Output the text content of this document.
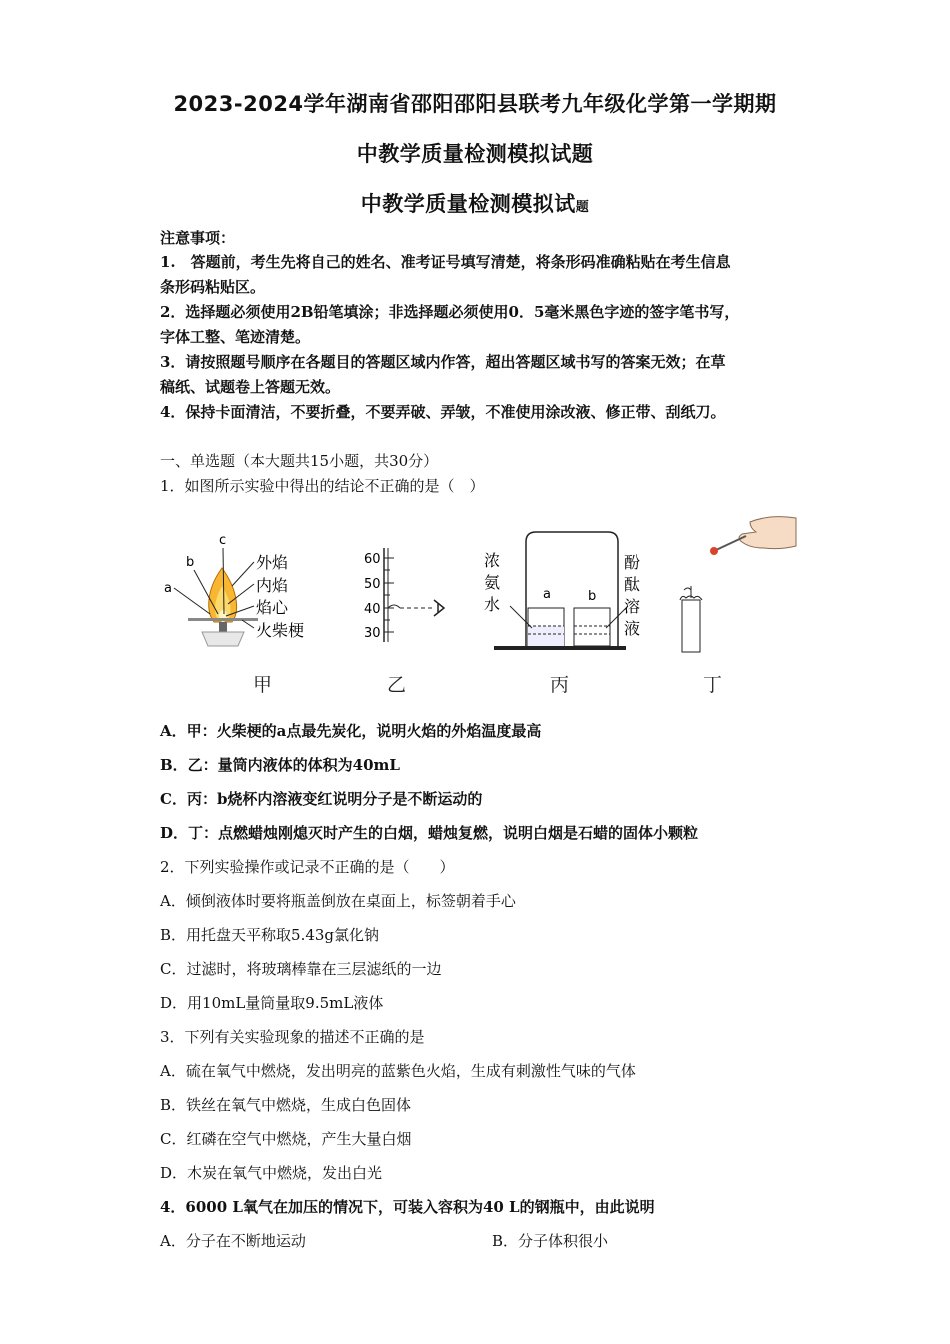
2023-2024学年湖南省邵阳邵阳县联考九年级化学第一学期期
中教学质量检测模拟试题
中教学质量检测模拟试题
注意事项：
1.　答题前，考生先将自己的姓名、准考证号填写清楚，将条形码准确粘贴在考生信息
条形码粘贴区。
2．选择题必须使用2B铅笔填涂；非选择题必须使用0．5毫米黑色字迹的签字笔书写，
字体工整、笔迹清楚。
3．请按照题号顺序在各题目的答题区域内作答，超出答题区域书写的答案无效；在草
稿纸、试题卷上答题无效。
4．保持卡面清洁，不要折叠，不要弄破、弄皱，不准使用涂改液、修正带、刮纸刀。
一、单选题（本大题共15小题，共30分）
1．如图所示实验中得出的结论不正确的是（　）
a
b
c
外焰
内焰
焰心
火柴梗
60
50
40
30
a	b
浓
氨
水
酚
酞
溶
液
甲	乙	丙	丁
A．甲：火柴梗的a点最先炭化，说明火焰的外焰温度最高
B．乙：量筒内液体的体积为40mL
C．丙：b烧杯内溶液变红说明分子是不断运动的
D．丁：点燃蜡烛刚熄灭时产生的白烟，蜡烛复燃，说明白烟是石蜡的固体小颗粒
2．下列实验操作或记录不正确的是（　　）
A．倾倒液体时要将瓶盖倒放在桌面上，标签朝着手心
B．用托盘天平称取5.43g氯化钠
C．过滤时，将玻璃棒靠在三层滤纸的一边
D．用10mL量筒量取9.5mL液体
3．下列有关实验现象的描述不正确的是
A．硫在氧气中燃烧，发出明亮的蓝紫色火焰，生成有刺激性气味的气体
B．铁丝在氧气中燃烧，生成白色固体
C．红磷在空气中燃烧，产生大量白烟
D．木炭在氧气中燃烧，发出白光
4．6000 L氧气在加压的情况下，可装入容积为40 L的钢瓶中，由此说明
A．分子在不断地运动	B．分子体积很小
